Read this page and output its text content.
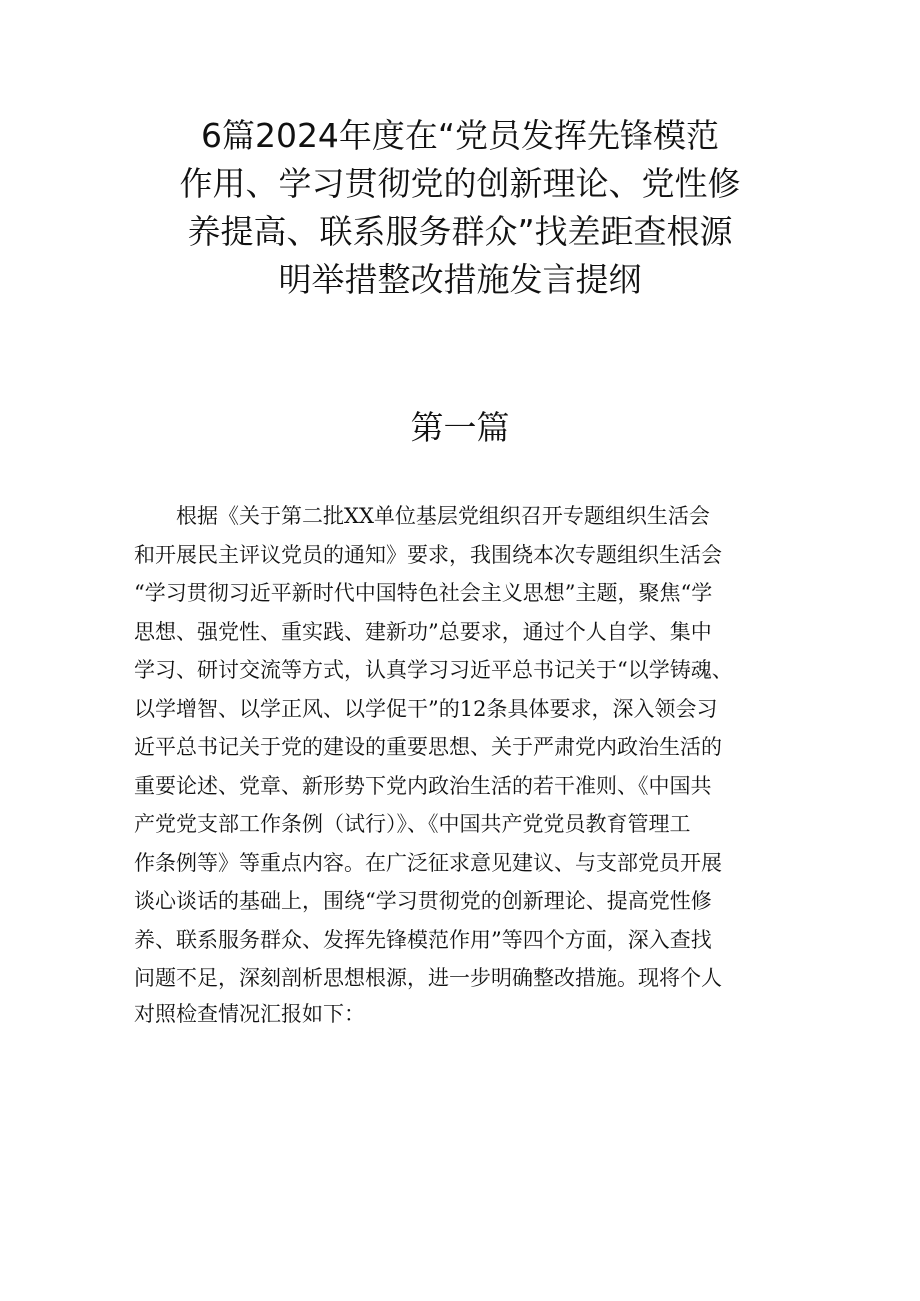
6篇2024年度在“党员发挥先锋模范
作用、学习贯彻党的创新理论、党性修
养提高、联系服务群众”找差距查根源
明举措整改措施发言提纲
第一篇
根据《关于第二批XX单位基层党组织召开专题组织生活会
和开展民主评议党员的通知》要求，我围绕本次专题组织生活会
“学习贯彻习近平新时代中国特色社会主义思想”主题，聚焦“学
思想、强党性、重实践、建新功”总要求，通过个人自学、集中
学习、研讨交流等方式，认真学习习近平总书记关于“以学铸魂、
以学增智、以学正风、以学促干”的12条具体要求，深入领会习
近平总书记关于党的建设的重要思想、关于严肃党内政治生活的
重要论述、党章、新形势下党内政治生活的若干准则、《中国共
产党党支部工作条例（试行）》、《中国共产党党员教育管理工
作条例等》等重点内容。在广泛征求意见建议、与支部党员开展
谈心谈话的基础上，围绕“学习贯彻党的创新理论、提高党性修
养、联系服务群众、发挥先锋模范作用”等四个方面，深入查找
问题不足，深刻剖析思想根源，进一步明确整改措施。现将个人
对照检查情况汇报如下：
